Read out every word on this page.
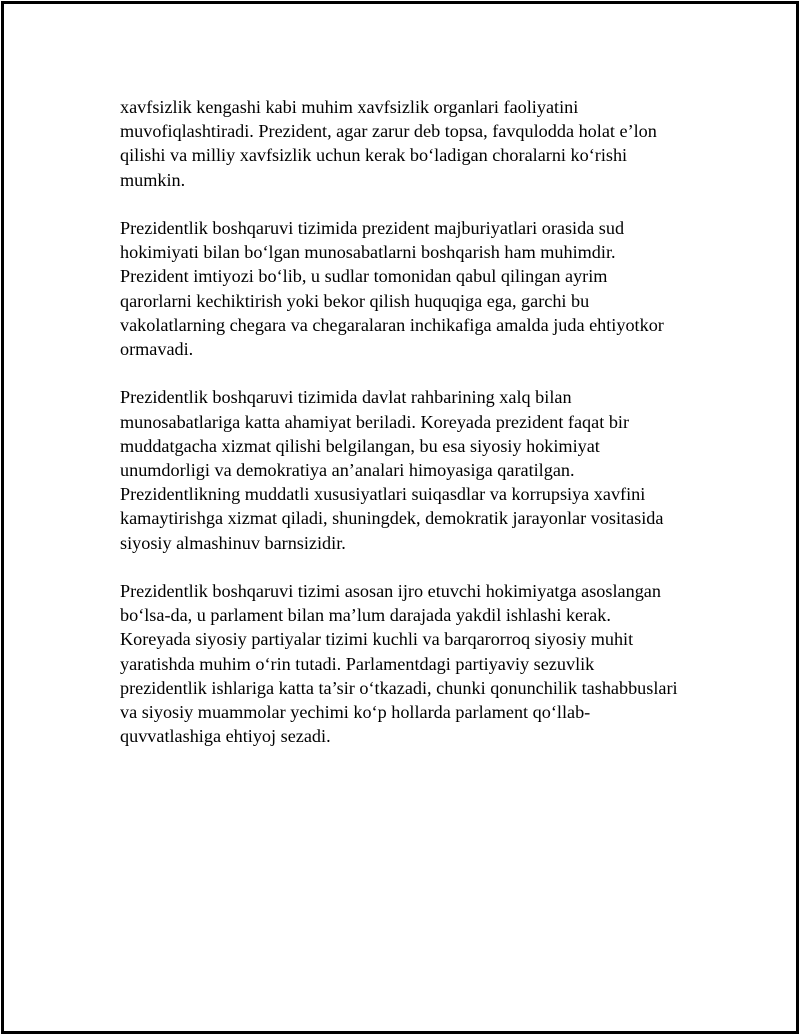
xavfsizlik kengashi kabi muhim xavfsizlik organlari faoliyatini
muvofiqlashtiradi. Prezident, agar zarur deb topsa, favqulodda holat e’lon
qilishi va milliy xavfsizlik uchun kerak bo‘ladigan choralarni ko‘rishi
mumkin.

Prezidentlik boshqaruvi tizimida prezident majburiyatlari orasida sud
hokimiyati bilan bo‘lgan munosabatlarni boshqarish ham muhimdir.
Prezident imtiyozi bo‘lib, u sudlar tomonidan qabul qilingan ayrim
qarorlarni kechiktirish yoki bekor qilish huquqiga ega, garchi bu
vakolatlarning chegara va chegaralaran inchikafiga amalda juda ehtiyotkor
ormavadi.

Prezidentlik boshqaruvi tizimida davlat rahbarining xalq bilan
munosabatlariga katta ahamiyat beriladi. Koreyada prezident faqat bir
muddatgacha xizmat qilishi belgilangan, bu esa siyosiy hokimiyat
unumdorligi va demokratiya an’analari himoyasiga qaratilgan.
Prezidentlikning muddatli xususiyatlari suiqasdlar va korrupsiya xavfini
kamaytirishga xizmat qiladi, shuningdek, demokratik jarayonlar vositasida
siyosiy almashinuv barnsizidir.

Prezidentlik boshqaruvi tizimi asosan ijro etuvchi hokimiyatga asoslangan
bo‘lsa-da, u parlament bilan ma’lum darajada yakdil ishlashi kerak.
Koreyada siyosiy partiyalar tizimi kuchli va barqarorroq siyosiy muhit
yaratishda muhim o‘rin tutadi. Parlamentdagi partiyaviy sezuvlik
prezidentlik ishlariga katta ta’sir o‘tkazadi, chunki qonunchilik tashabbuslari
va siyosiy muammolar yechimi ko‘p hollarda parlament qo‘llab-
quvvatlashiga ehtiyoj sezadi.
